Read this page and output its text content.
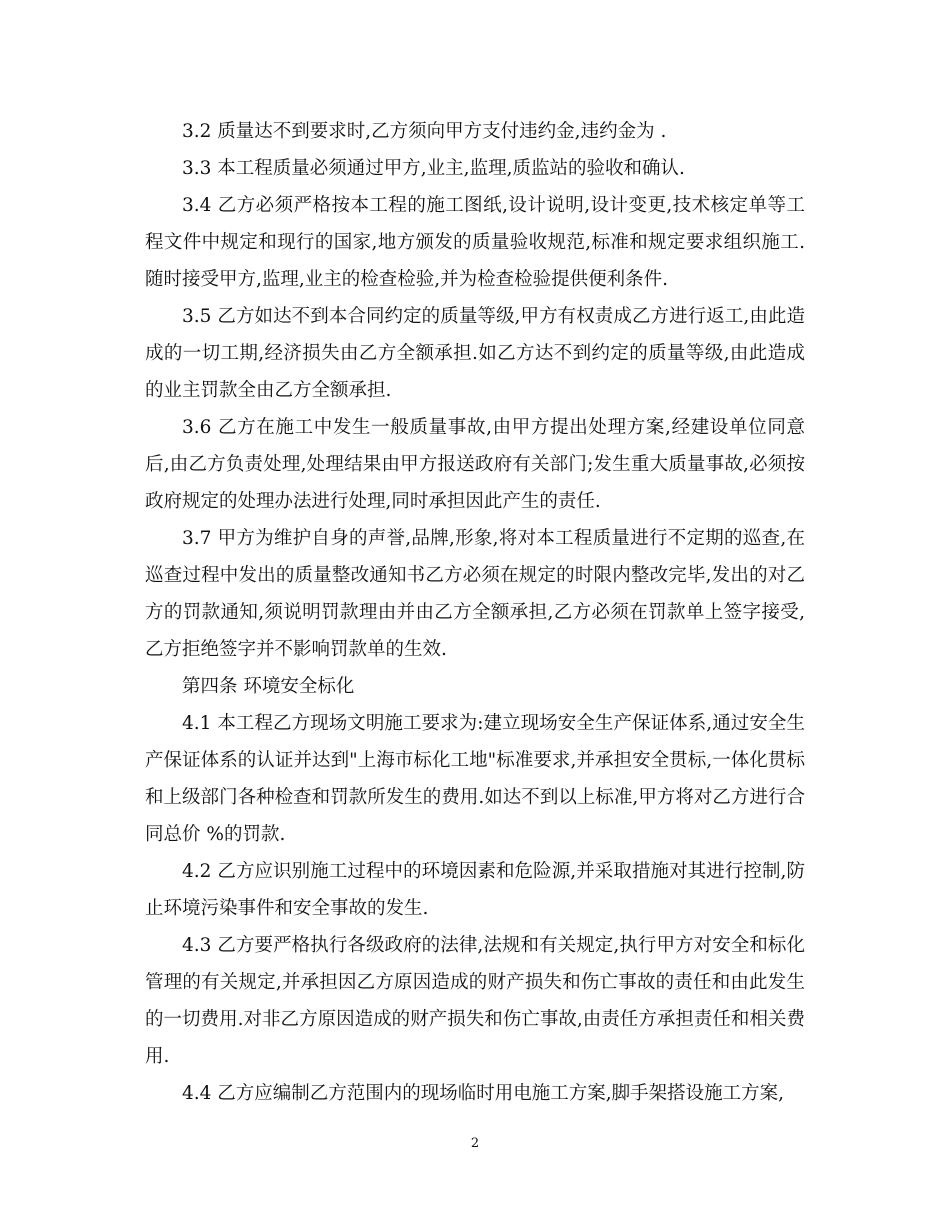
3.2 质量达不到要求时,乙方须向甲方支付违约金,违约金为 .

3.3 本工程质量必须通过甲方,业主,监理,质监站的验收和确认.

3.4 乙方必须严格按本工程的施工图纸,设计说明,设计变更,技术核定单等工程文件中规定和现行的国家,地方颁发的质量验收规范,标准和规定要求组织施工.随时接受甲方,监理,业主的检查检验,并为检查检验提供便利条件.

3.5 乙方如达不到本合同约定的质量等级,甲方有权责成乙方进行返工,由此造成的一切工期,经济损失由乙方全额承担.如乙方达不到约定的质量等级,由此造成的业主罚款全由乙方全额承担.

3.6 乙方在施工中发生一般质量事故,由甲方提出处理方案,经建设单位同意后,由乙方负责处理,处理结果由甲方报送政府有关部门;发生重大质量事故,必须按政府规定的处理办法进行处理,同时承担因此产生的责任.

3.7 甲方为维护自身的声誉,品牌,形象,将对本工程质量进行不定期的巡查,在巡查过程中发出的质量整改通知书乙方必须在规定的时限内整改完毕,发出的对乙方的罚款通知,须说明罚款理由并由乙方全额承担,乙方必须在罚款单上签字接受,乙方拒绝签字并不影响罚款单的生效.

第四条 环境安全标化

4.1 本工程乙方现场文明施工要求为:建立现场安全生产保证体系,通过安全生产保证体系的认证并达到"上海市标化工地"标准要求,并承担安全贯标,一体化贯标和上级部门各种检查和罚款所发生的费用.如达不到以上标准,甲方将对乙方进行合同总价 %的罚款.

4.2 乙方应识别施工过程中的环境因素和危险源,并采取措施对其进行控制,防止环境污染事件和安全事故的发生.

4.3 乙方要严格执行各级政府的法律,法规和有关规定,执行甲方对安全和标化管理的有关规定,并承担因乙方原因造成的财产损失和伤亡事故的责任和由此发生的一切费用.对非乙方原因造成的财产损失和伤亡事故,由责任方承担责任和相关费用.

4.4 乙方应编制乙方范围内的现场临时用电施工方案,脚手架搭设施工方案,

2
